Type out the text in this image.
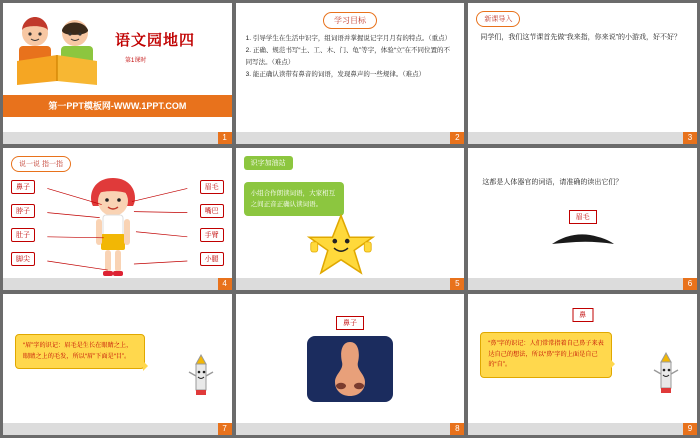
语文园地四
第1课时
第一PPT模板网-WWW.1PPT.COM
1
学习目标
1. 引导学生在生活中识字，组词语并掌握说记字月月有的特点。（重点）
2. 正确、规范书写“土、工、木、门、龟”等字，体验“立”在不同位置的不同写法。（难点）
3. 能正确认读带有鼻音的词语，发现鼻声的一些规律。（难点）
2
新课导入
同学们，我们这节课首先做“我来指，你来说”的小游戏，好不好？
3
说一说 指一指
鼻子
脖子
肚子
脚尖
眉毛
嘴巴
手臂
小腿
4
识字加油站
小组合作朗读词语，大家相互之间正音正确认读词语。
5
这都是人体器官的词语，请准确的读出它们？
眉毛
6
“眉”字的识记：眉毛是生长在眼睛之上，眼睛之上的毛发，所以“眉”下面是“目”。
7
鼻子
8
鼻
“鼻”字的识记：人们常常指着自己鼻子来表达自己的想法，所以“鼻”字的上面是自己的“自”。
9
